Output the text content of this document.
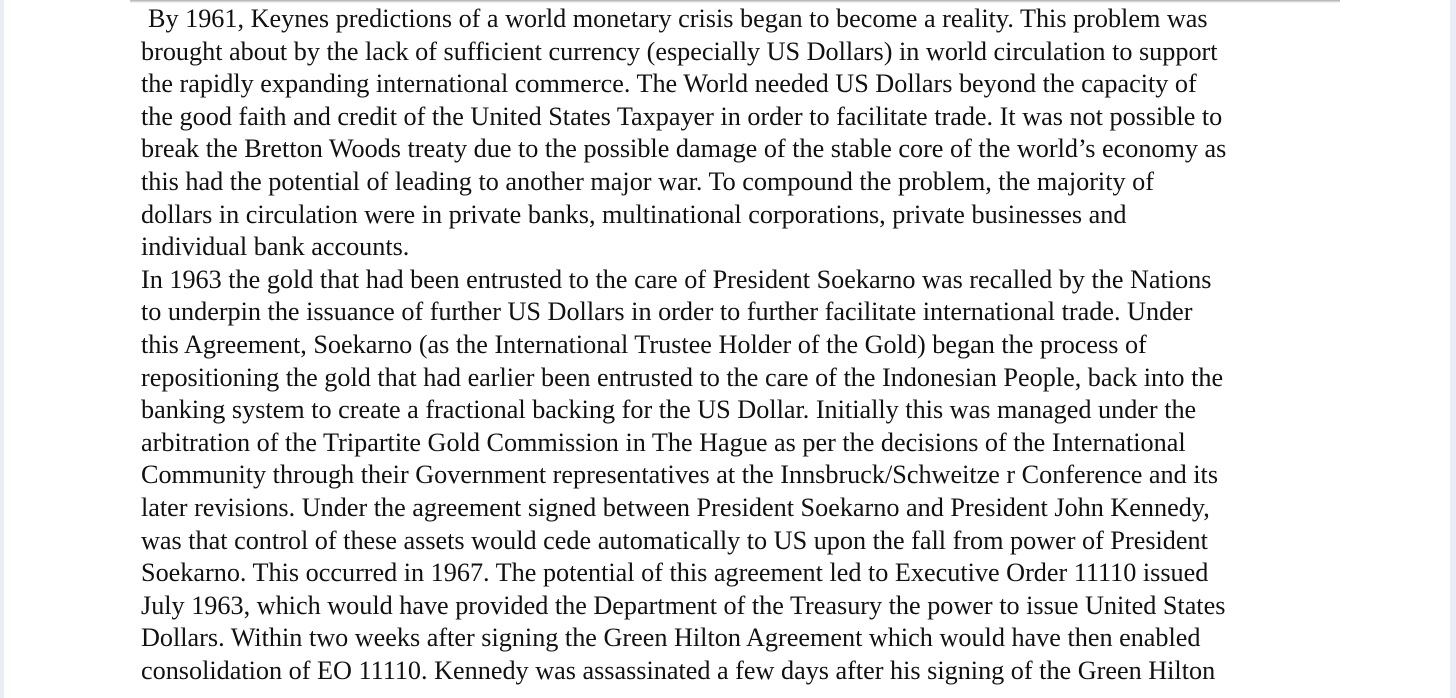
By 1961, Keynes predictions of a world monetary crisis began to become a reality. This problem was
brought about by the lack of sufficient currency (especially US Dollars) in world circulation to support
the rapidly expanding international commerce. The World needed US Dollars beyond the capacity of
the good faith and credit of the United States Taxpayer in order to facilitate trade. It was not possible to
break the Bretton Woods treaty due to the possible damage of the stable core of the world’s economy as
this had the potential of leading to another major war. To compound the problem, the majority of
dollars in circulation were in private banks, multinational corporations, private businesses and
individual bank accounts.
In 1963 the gold that had been entrusted to the care of President Soekarno was recalled by the Nations
to underpin the issuance of further US Dollars in order to further facilitate international trade. Under
this Agreement, Soekarno (as the International Trustee Holder of the Gold) began the process of
repositioning the gold that had earlier been entrusted to the care of the Indonesian People, back into the
banking system to create a fractional backing for the US Dollar. Initially this was managed under the
arbitration of the Tripartite Gold Commission in The Hague as per the decisions of the International
Community through their Government representatives at the Innsbruck/Schweitze r Conference and its
later revisions. Under the agreement signed between President Soekarno and President John Kennedy,
was that control of these assets would cede automatically to US upon the fall from power of President
Soekarno. This occurred in 1967. The potential of this agreement led to Executive Order 11110 issued
July 1963, which would have provided the Department of the Treasury the power to issue United States
Dollars. Within two weeks after signing the Green Hilton Agreement which would have then enabled
consolidation of EO 11110. Kennedy was assassinated a few days after his signing of the Green Hilton
